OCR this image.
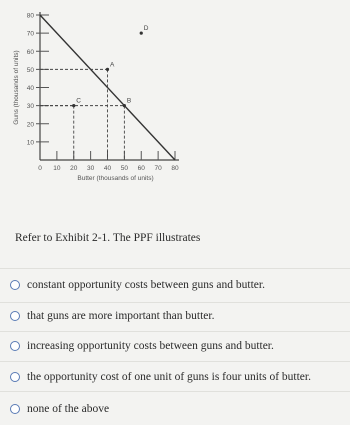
10
20
30
40
50
60
70
80
0 10 20 30 40 50 60 70 80
Butter (thousands of units)
Guns (thousands of units)	A
B
C
D
Refer to Exhibit 2-1. The PPF illustrates
constant opportunity costs between guns and butter.
that guns are more important than butter.
increasing opportunity costs between guns and butter.
the opportunity cost of one unit of guns is four units of butter.
none of the above
